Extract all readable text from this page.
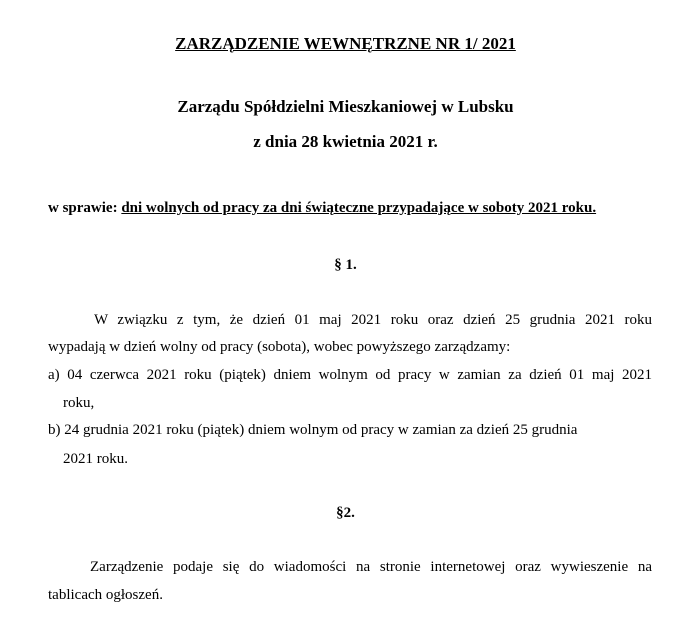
ZARZĄDZENIE WEWNĘTRZNE NR 1/ 2021
Zarządu Spółdzielni Mieszkaniowej w Lubsku
z dnia 28 kwietnia 2021 r.
w sprawie: dni wolnych od pracy za dni świąteczne przypadające w soboty 2021 roku.
§ 1.
W związku z tym, że dzień 01 maj 2021 roku oraz dzień 25 grudnia 2021 roku
wypadają w dzień wolny od pracy (sobota), wobec powyższego zarządzamy:
a) 04 czerwca 2021 roku (piątek) dniem wolnym od pracy w zamian za dzień 01 maj 2021
roku,
b) 24 grudnia 2021 roku (piątek) dniem wolnym od pracy w zamian za dzień 25 grudnia
2021 roku.
§2.
Zarządzenie podaje się do wiadomości na stronie internetowej oraz wywieszenie na
tablicach ogłoszeń.
